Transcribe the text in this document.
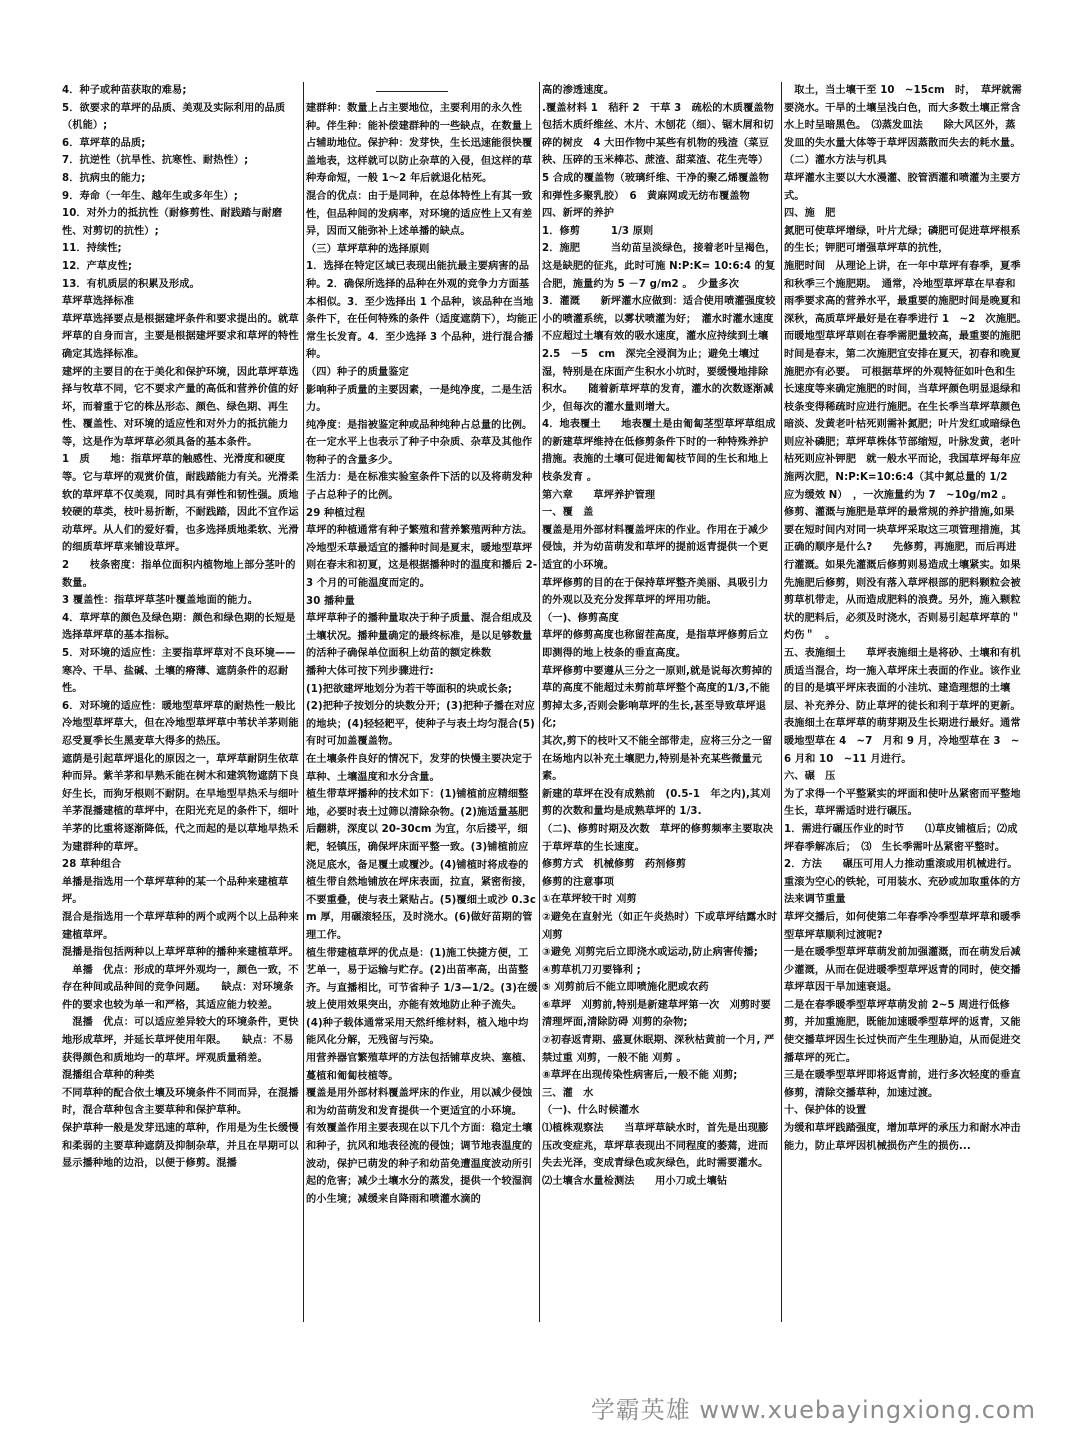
4．种子或种苗获取的难易;

5．欲要求的草坪的品质、美观及实际利用的品质（机能）;

6．草坪草的品质;

7．抗逆性（抗旱性、抗寒性、耐热性）;

8．抗病虫的能力;

9．寿命（一年生、越年生或多年生）;

10．对外力的抵抗性（耐修剪性、耐践踏与耐磨性、对剪切的抗性）;

11．持续性;

12．产草皮性;

13．有机质层的积累及形成。

草坪草选择标准

草坪草选择要点是根据建坪条件和要求提出的。就草坪草的自身而言，主要是根据建坪要求和草坪的特性确定其选择标准。

建坪的主要目的在于美化和保护环境，因此草坪草选择与牧草不同，它不要求产量的高低和营养价值的好坏，而着重于它的株丛形态、颜色、绿色期、再生性、覆盖性、对环境的适应性和对外力的抵抗能力等，这是作为草坪草必须具备的基本条件。

1　质　　地：指草坪草的触感性、光滑度和硬度等。它与草坪的观赏价值，耐践踏能力有关。光滑柔软的草坪草不仅美观，同时具有弹性和韧性强。质地较硬的草类，枝叶易折断，不耐践踏，因此不宜作运动草坪。从人们的爱好看，也多选择质地柔软、光滑的细质草坪草来铺设草坪。

2　　枝条密度：指单位面积内植物地上部分茎叶的数量。

3 覆盖性：指草坪草茎叶覆盖地面的能力。

4．草坪草的颜色及绿色期：颜色和绿色期的长短是选择草坪草的基本指标。

5．对环境的适应性：主要指草坪草对不良环境——寒冷、干旱、盐碱、土壤的瘠薄、遮荫条件的忍耐性。

6．对环境的适应性：暖地型草坪草的耐热性一般比冷地型草坪草大，但在冷地型草坪草中苇状羊茅则能忍受夏季长生黑麦草大得多的热压。

遮荫是引起草坪退化的原因之一，草坪草耐阴生依草种而异。紫羊茅和早熟禾能在树木和建筑物遮荫下良好生长，而狗牙根则不耐阴。在早地型早热禾与细叶羊茅混播建植的草坪中，在阳光充足的条件下，细叶羊茅的比重将逐渐降低，代之而起的是以草地早热禾为建群种的草坪。

28 草种组合

单播是指选用一个草坪草种的某一个品种来建植草坪。

混合是指选用一个草坪草种的两个或两个以上品种来建植草坪。

混播是指包括两种以上草坪草种的播种来建植草坪。

　单播　优点：形成的草坪外观均一，颜色一致，不存在种间或品种间的竞争问题。　　缺点：对环境条件的要求也较为单一和严格，其适应能力较差。

　混播　优点：可以适应差异较大的环境条件，更快地形成草坪，并延长草坪使用年限。　　缺点：不易获得颜色和质地均一的草坪。坪观质量稍差。

混播组合草种的种类

不同草种的配合依土壤及环境条件不同而异，在混播时，混合草种包含主要草种和保护草种。

保护草种一般是发芽迅速的草种，作用是为生长缓慢和柔弱的主要草种遮荫及抑制杂草，并且在早期可以显示播种地的边沿，以便于修剪。混播

建群种：数量上占主要地位，主要利用的永久性种。伴生种：能补偿建群种的一些缺点，在数量上占辅助地位。保护种：发芽快，生长迅速能很快覆盖地表，这样就可以防止杂草的入侵，但这样的草种寿命短，一般 1～2 年后就退化枯死。

混合的优点：由于是同种，在总体特性上有其一致性，但品种间的发病率，对环境的适应性上又有差异，因而又能弥补上述单播的缺点。

（三）草坪草种的选择原则

1．选择在特定区域已表现出能抗最主要病害的品种。2．确保所选择的品种在外观的竞争力方面基本相似。3．至少选择出 1 个品种，该品种在当地条件下，在任何特殊的条件（适度遮荫下），均能正常生长发育。4．至少选择 3 个品种，进行混合播种。

（四）种子的质量鉴定

影响种子质量的主要因素，一是纯净度，二是生活力。

纯净度：是指被鉴定种或品种纯种占总量的比例。在一定水平上也表示了种子中杂质、杂草及其他作物种子的含量多少。

生活力：是在标准实验室条件下活的以及将萌发种子占总种子的比例。

29 种植过程

草坪的种植通常有种子繁殖和营养繁殖两种方法。

冷地型禾草最适宜的播种时间是夏末，暖地型草坪则在春末和初夏，这是根据播种时的温度和播后 2-3 个月的可能温度而定的。

30 播种量

草坪草种子的播种量取决于种子质量、混合组成及土壤状况。播种量确定的最终标准，是以足够数量的活种子确保单位面积上幼苗的额定株数

播种大体可按下列步骤进行:

(1)把欲建坪地划分为若干等面积的块或长条;

(2)把种子按划分的块数分开；(3)把种子播在对应的地块；(4)轻轻耙平，使种子与表土均匀混合(5)有时可加盖覆盖物。

在土壤条件良好的情况下，发芽的快慢主要决定于草种、土壤温度和水分含量。

植生带草坪播种的技术如下：(1)铺植前应精细整地，必要时表土过筛以清除杂物。(2)施适量基肥后翻耕，深度以 20-30cm 为宜，尔后搂平，细耙，轻镇压，确保坪床面平整一致。(3)铺植前应浇足底水，备足覆土或覆沙。(4)铺植时将成卷的植生带自然地铺放在坪床表面，拉直，紧密衔接，不要重叠，使与表土紧贴占。(5)覆细土或沙 0.3cm 厚，用碾滚轻压，及时浇水。(6)做好苗期的管理工作。

植生带建植草坪的优点是：(1)施工快捷方便，工艺单一，易于运输与贮存。(2)出苗率高，出苗整齐。与直播相比，可节省种子 1/3—1/2。(3)在缓坡上使用效果突出，亦能有效地防止种子流失。(4)种子载体通常采用天然纤维材料，植入地中均能风化分解，无残留与污染。

用营养器官繁殖草坪的方法包括铺草皮块、塞植、蔓植和匍匐枝植等。

覆盖是用外部材料覆盖坪床的作业，用以减少侵蚀和为幼苗萌发和发育提供一个更适宜的小环境。

有效覆盖作用主要表现在以下几个方面：稳定土壤和种子，抗风和地表径流的侵蚀；调节地表温度的波动，保护已萌发的种子和幼苗免遭温度波动所引起的危害；减少土壤水分的蒸发，提供一个较湿润的小生境；减缓来自降雨和喷灌水滴的

高的渗透速度。

.覆盖材料 1　秸秆 2　干草 3　疏松的木质覆盖物包括木质纤维丝、木片、木刨花（细）、锯木屑和切碎的树皮　4 大田作物中某些有机物的残渣（菜豆秧、压碎的玉米棒芯、蔗渣、甜菜渣、花生壳等）　5 合成的覆盖物（玻璃纤维、干净的聚乙烯覆盖物和弹性多聚乳胶）　6　黄麻网或无纺布覆盖物

四、新坪的养护

1．修剪　　　1/3 原则

2．施肥　　　当幼苗呈淡绿色，接着老叶呈褐色，这是缺肥的征兆，此时可施 N:P:K= 10:6:4 的复合肥，施量约为 5 －7 g/m2 。　少量多次

3．灌溉　　新坪灌水应做到：适合使用喷灌强度较小的喷灌系统，以雾状喷灌为好；　灌水时灌水速度不应超过土壤有效的吸水速度，灌水应持续到土壤 2.5　－5　cm　深完全浸润为止；避免土壤过湿，特别是在床面产生积水小坑时，要缓慢地排除积水。　　随着新草坪草的发育，灌水的次数逐渐减少，但每次的灌水量则增大。

4．地表覆土　　地表覆土是由匍匐茎型草坪草组成的新建草坪维持在低修剪条件下时的一种特殊养护措施。表施的土壤可促进匍匐枝节间的生长和地上枝条发育 。

第六章　　草坪养护管理

一、覆　盖

覆盖是用外部材料覆盖坪床的作业。作用在于减少侵蚀，并为幼苗萌发和草坪的提前返青提供一个更适宜的小环境。

草坪修剪的目的在于保持草坪整齐美丽、具吸引力的外观以及充分发挥草坪的坪用功能。

（一)、修剪高度

草坪的修剪高度也称留茬高度，是指草坪修剪后立即测得的地上枝条的垂直高度。

草坪修剪中要遵从三分之一原则,就是说每次剪掉的草的高度不能超过未剪前草坪整个高度的1/3,不能剪掉太多,否则会影响草坪的生长,甚至导致草坪退化;

其次,剪下的枝叶又不能全部带走，应将三分之一留在场地内以补充土壤肥力,特别是补充某些微量元素。

新建的草坪在没有成熟前　(0.5-1　年之内),其刈剪的次数和量均是成熟草坪的 1/3.

（二)、修剪时期及次数　草坪的修剪频率主要取决于草坪草的生长速度。

修剪方式　机械修剪　药剂修剪

修剪的注意事项

①在草坪较干时 刈剪

②避免在直射光（如正午炎热时）下或草坪结露水时 刈剪

③避免 刈剪完后立即浇水或运动,防止病害传播;

④剪草机刀刃要锋利 ;

⑤ 刈剪前后不能立即喷施化肥或农药

⑥草坪　刈剪前,特别是新建草坪第一次　刈剪时要清理坪面,清除防碍 刈剪的杂物;

⑦初春返青期、盛夏休眠期、深秋枯黄前一个月, 严禁过重 刈剪，一般不能 刈剪 。

⑧草坪在出现传染性病害后,一般不能 刈剪;

三、灌　水

（一)、什么时候灌水

⑴植株观察法　　当草坪草缺水时，首先是出现膨压改变症兆，草坪草表现出不同程度的萎蔫，进而失去光泽，变成青绿色或灰绿色，此时需要灌水。　⑵土壤含水量检测法　　用小刀或土壤钻

　取土，当土壤干至 10　~15cm　时，　草坪就需要浇水。干旱的土壤呈浅白色，而大多数土壤正常含水上时呈暗黑色。　⑶蒸发皿法　　除大风区外，蒸发皿的失水量大体等于草坪因蒸散而失去的耗水量。

（二）灌水方法与机具

草坪灌水主要以大水漫灌、胶管洒灌和喷灌为主要方式。

四、施　肥

氮肥可使草坪增绿，叶片尤绿；磷肥可促进草坪根系的生长；钾肥可增强草坪草的抗性，

施肥时间　从理论上讲，在一年中草坪有春季，夏季和秋季三个施肥期。　通常，冷地型草坪草在早春和雨季要求高的营养水平，最重要的施肥时间是晚夏和深秋，高质草坪最好是在春季进行 1　~2　次施肥。　而暖地型草坪草则在春季需肥量较高，最重要的施肥时间是春末，第二次施肥宜安排在夏天，初春和晚夏施肥亦有必要。　可根据草坪的外观特征如叶色和生长速度等来确定施肥的时间，当草坪颜色明显退绿和枝条变得稀疏时应进行施肥。在生长季当草坪草颜色暗淡、发黄老叶枯死则需补氮肥；叶片发红或暗绿色则应补磷肥；草坪草株体节部缩短，叶脉发黄，老叶枯死则应补钾肥　就一般水平而论，我国草坪每年应施两次肥，N:P:K=10:6:4（其中氮总量的 1/2　　应为缓效 N）　，一次施量约为 7　~10g/m2 。

修剪、灌溉与施肥是草坪的最常规的养护措施,如果要在短时间内对同一块草坪采取这三项管理措施，其正确的顺序是什么?　　先修剪，再施肥，而后再进行灌溉。如果先灌溉后修剪则易造成土壤紧实。如果先施肥后修剪，则没有落入草坪根部的肥料颗粒会被剪草机带走，从而造成肥料的浪费。另外，施入颗粒状的肥料后，必须及时浇水，否则易引起草坪草的＂灼伤＂　。

五、表施细土　　草坪表施细土是将砂、土壤和有机质适当混合，均一施入草坪床土表面的作业。该作业的目的是填平坪床表面的小洼坑、建造理想的土壤层、补充养分、防止草坪的徒长和利于草坪的更新。　表施细土在草坪草的萌芽期及生长期进行最好。通常暖地型草在 4　~7　月和 9 月，冷地型草在 3　~6 月和 10　~11 月进行。

六、碾　压

为了求得一个平整紧实的坪面和使叶丛紧密而平整地生长，草坪需适时进行碾压。

1．需进行碾压作业的时节　　⑴草皮铺植后；⑵成坪春季解冻后；　⑶　生长季需叶丛紧密平整时。

2．方法　　碾压可用人力推动重滚或用机械进行。重滚为空心的铁轮，可用装水、充砂或加取重体的方法来调节重量

草坪交播后，如何使第二年春季冷季型草坪草和暖季型草坪草顺利过渡呢?

一是在暖季型草坪草萌发前加强灌溉，而在萌发后减少灌溉，从而在促进暖季型草坪返青的同时，使交播草坪草因干旱加速衰退。

二是在春季暖季型草坪草萌发前 2~5 周进行低修剪，并加重施肥，既能加速暖季型草坪的返青，又能使交播草坪因生长过快而产生生理胁迫，从而促进交播草坪的死亡。

三是在暖季型草坪即将返青前，进行多次轻度的垂直修剪，清除交播草种，加速过渡。

十、保护体的设置

为缓和草坪践踏强度，增加草坪的承压力和耐水冲击能力，防止草坪因机械损伤产生的损伤...

学霸英雄 www.xuebayingxiong.com
